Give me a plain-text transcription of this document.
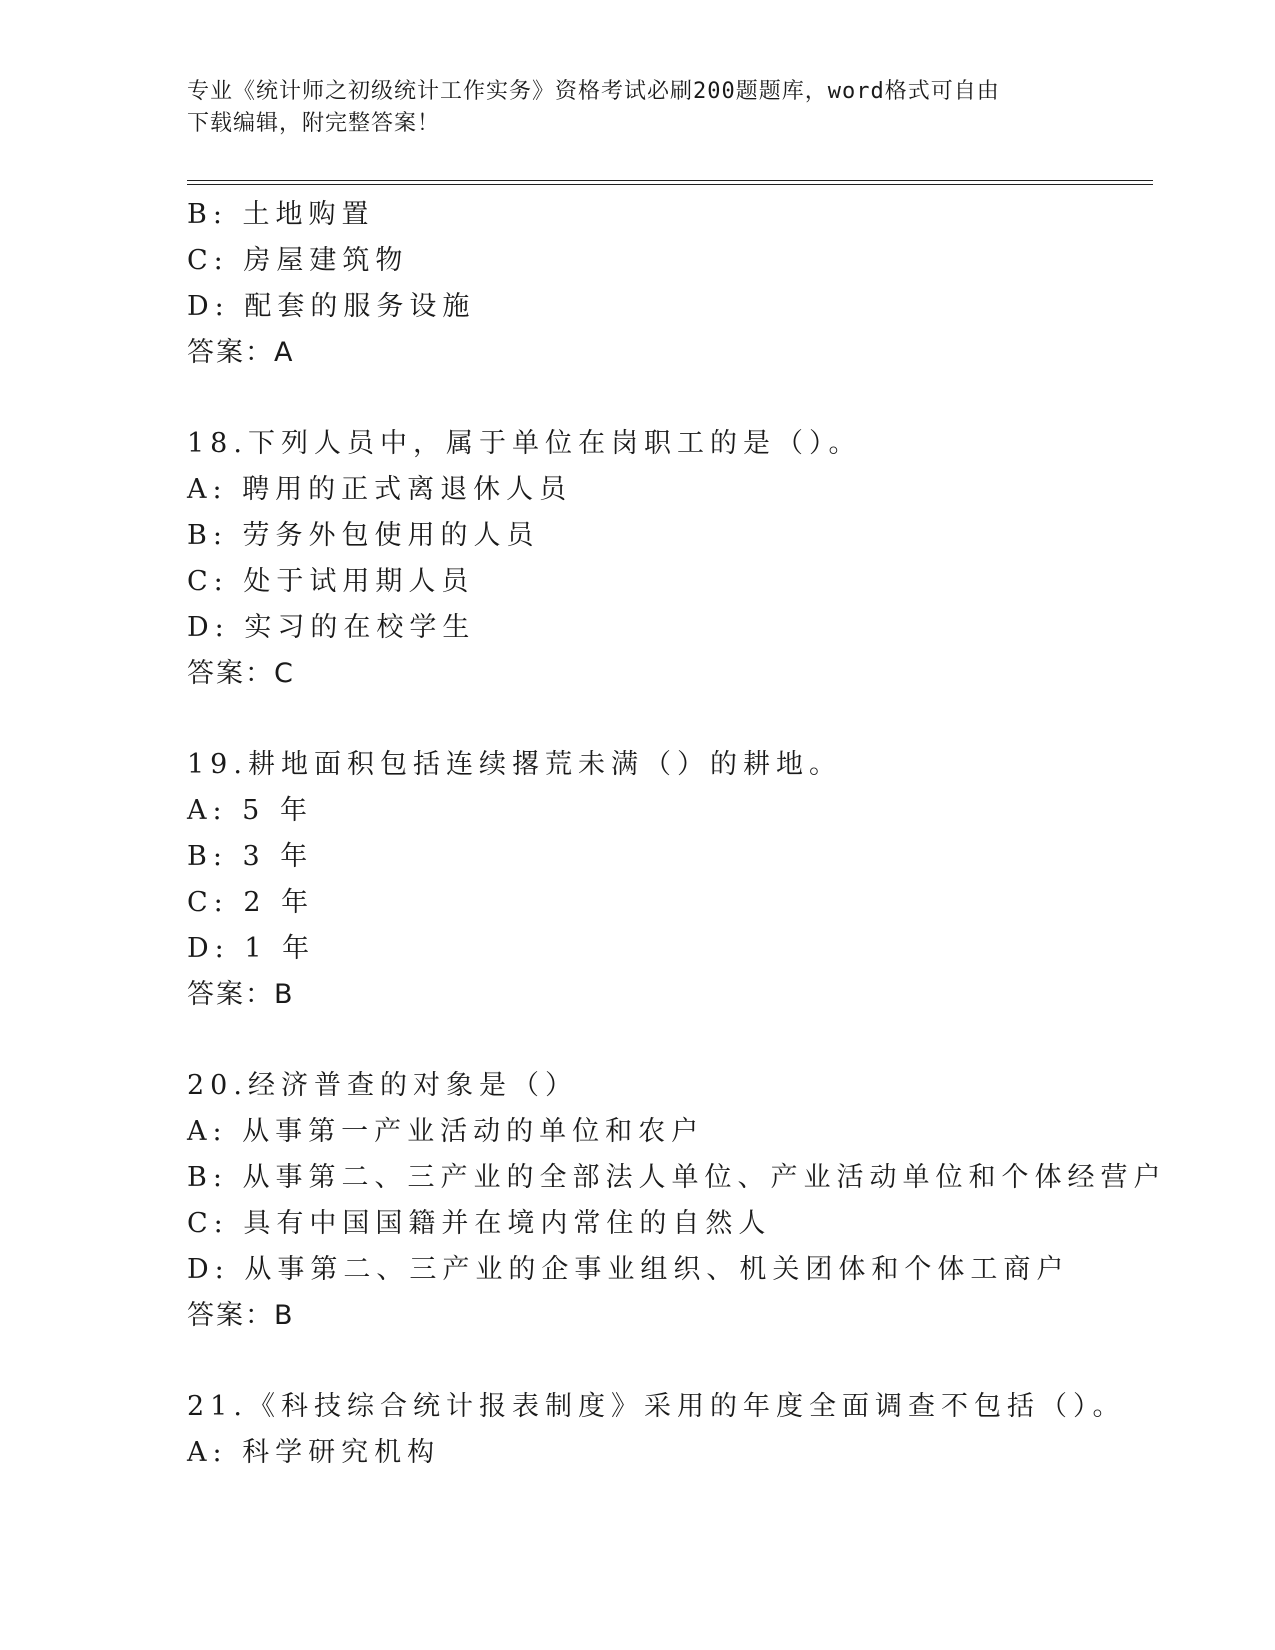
专业《统计师之初级统计工作实务》资格考试必刷200题题库，word格式可自由
下载编辑，附完整答案！
B: 土地购置
C: 房屋建筑物
D: 配套的服务设施
答案：A
18.下列人员中，属于单位在岗职工的是（）。
A: 聘用的正式离退休人员
B: 劳务外包使用的人员
C: 处于试用期人员
D: 实习的在校学生
答案：C
19.耕地面积包括连续撂荒未满（）的耕地。
A: 5 年
B: 3 年
C: 2 年
D: 1 年
答案：B
20.经济普查的对象是（）
A: 从事第一产业活动的单位和农户
B: 从事第二、三产业的全部法人单位、产业活动单位和个体经营户
C: 具有中国国籍并在境内常住的自然人
D: 从事第二、三产业的企事业组织、机关团体和个体工商户
答案：B
21.《科技综合统计报表制度》采用的年度全面调查不包括（）。
A: 科学研究机构
